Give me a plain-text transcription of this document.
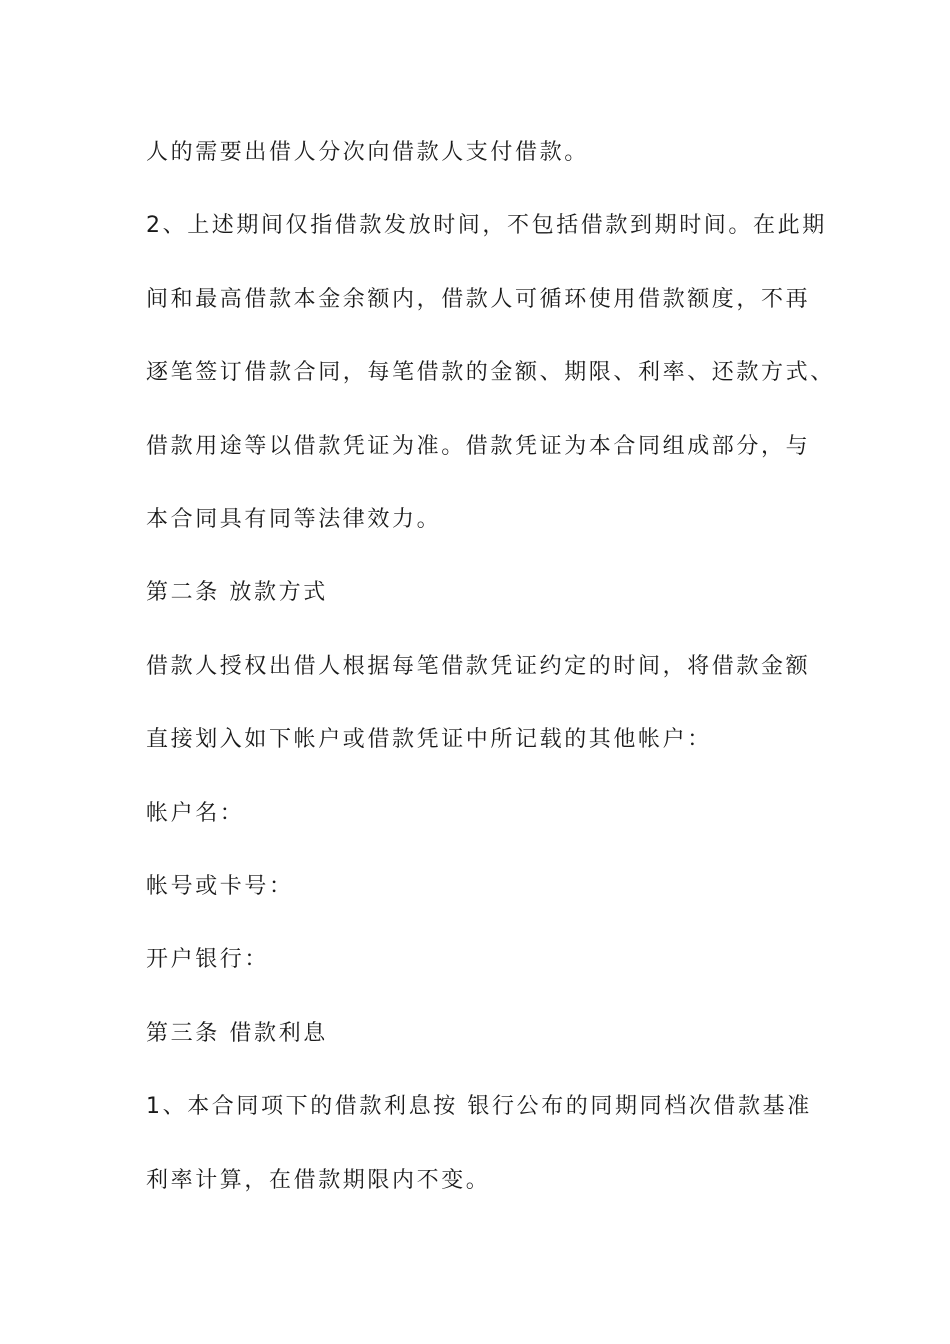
人的需要出借人分次向借款人支付借款。
2、上述期间仅指借款发放时间，不包括借款到期时间。在此期
间和最高借款本金余额内，借款人可循环使用借款额度，不再
逐笔签订借款合同，每笔借款的金额、期限、利率、还款方式、
借款用途等以借款凭证为准。借款凭证为本合同组成部分，与
本合同具有同等法律效力。
第二条 放款方式
借款人授权出借人根据每笔借款凭证约定的时间，将借款金额
直接划入如下帐户或借款凭证中所记载的其他帐户：
帐户名：
帐号或卡号：
开户银行：
第三条 借款利息
1、本合同项下的借款利息按 银行公布的同期同档次借款基准
利率计算，在借款期限内不变。
